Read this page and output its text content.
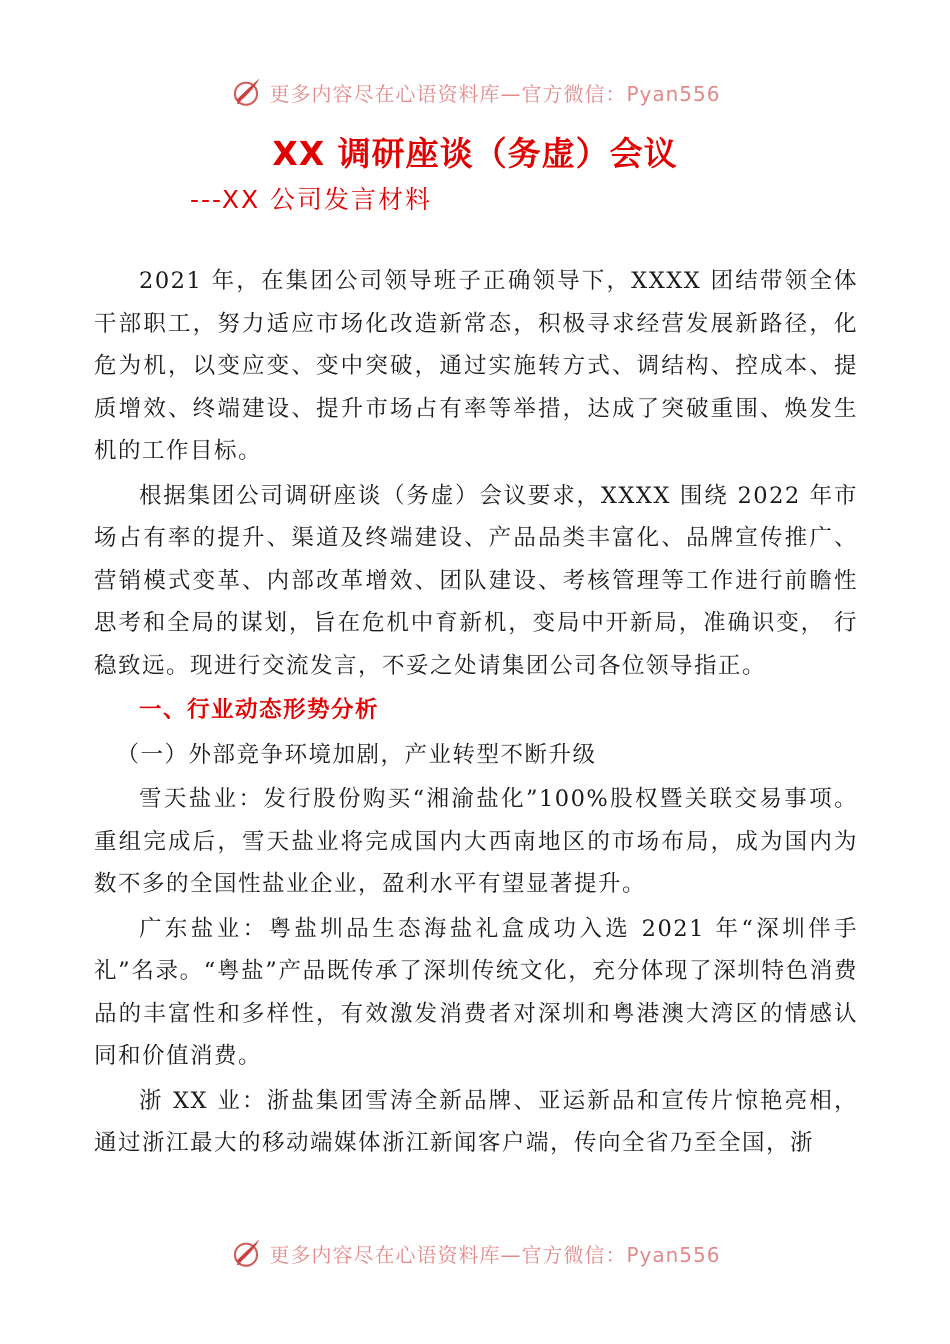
更多内容尽在心语资料库—官方微信：Pyan556
XX 调研座谈（务虚）会议
---XX 公司发言材料

2021 年，在集团公司领导班子正确领导下，XXXX 团结带领全体干部职工，努力适应市场化改造新常态，积极寻求经营发展新路径，化危为机，以变应变、变中突破，通过实施转方式、调结构、控成本、提质增效、终端建设、提升市场占有率等举措，达成了突破重围、焕发生机的工作目标。

根据集团公司调研座谈（务虚）会议要求，XXXX 围绕 2022 年市场占有率的提升、渠道及终端建设、产品品类丰富化、品牌宣传推广、营销模式变革、内部改革增效、团队建设、考核管理等工作进行前瞻性思考和全局的谋划，旨在危机中育新机，变局中开新局，准确识变， 行稳致远。现进行交流发言，不妥之处请集团公司各位领导指正。

一、行业动态形势分析

（一）外部竞争环境加剧，产业转型不断升级

雪天盐业：发行股份购买“湘渝盐化”100%股权暨关联交易事项。重组完成后，雪天盐业将完成国内大西南地区的市场布局，成为国内为数不多的全国性盐业企业，盈利水平有望显著提升。

广东盐业：粤盐圳品生态海盐礼盒成功入选 2021 年“深圳伴手礼”名录。“粤盐”产品既传承了深圳传统文化，充分体现了深圳特色消费品的丰富性和多样性，有效激发消费者对深圳和粤港澳大湾区的情感认同和价值消费。

浙 XX 业：浙盐集团雪涛全新品牌、亚运新品和宣传片惊艳亮相，通过浙江最大的移动端媒体浙江新闻客户端，传向全省乃至全国，浙

更多内容尽在心语资料库—官方微信：Pyan556
